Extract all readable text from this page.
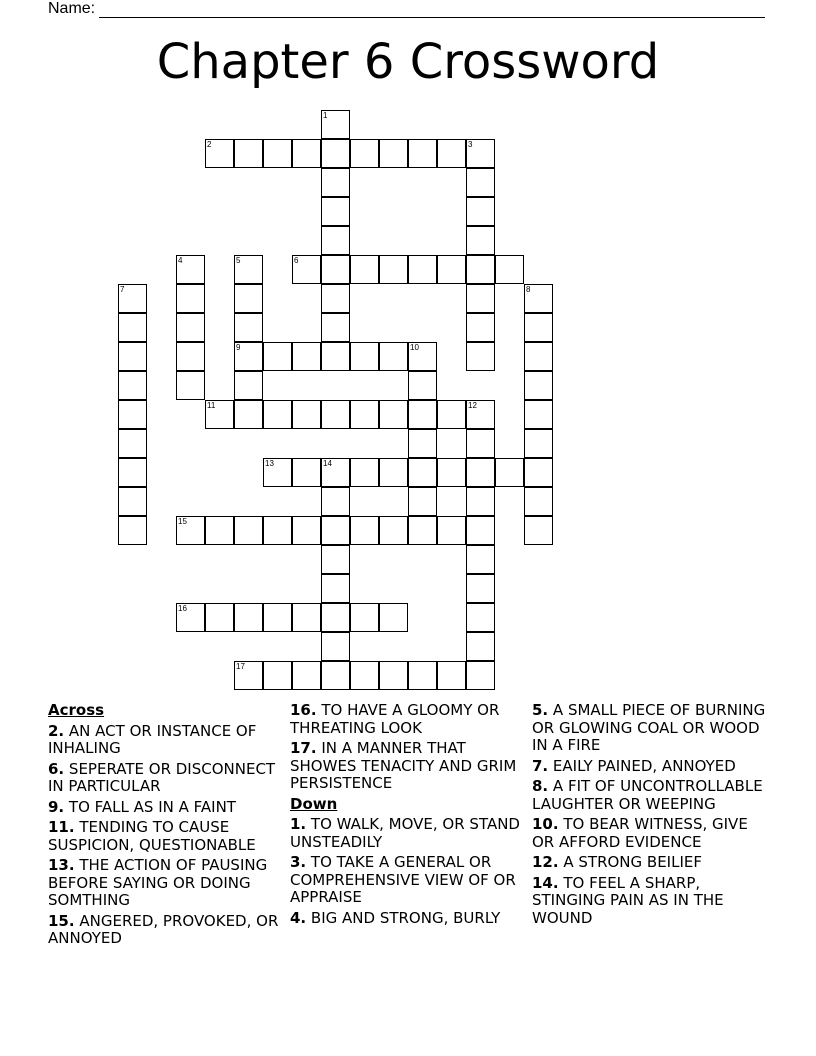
Name:
Chapter 6 Crossword
1
2	3
4	5
9
6
7	8
10
11	12
13	14
15
16
17
Across
2. AN ACT OR INSTANCE OF INHALING
6. SEPERATE OR DISCONNECT IN PARTICULAR
9. TO FALL AS IN A FAINT
11. TENDING TO CAUSE SUSPICION, QUESTIONABLE
13. THE ACTION OF PAUSING BEFORE SAYING OR DOING SOMTHING
15. ANGERED, PROVOKED, OR ANNOYED
16. TO HAVE A GLOOMY OR THREATING LOOK
17. IN A MANNER THAT SHOWES TENACITY AND GRIM PERSISTENCE
Down
1. TO WALK, MOVE, OR STAND UNSTEADILY
3. TO TAKE A GENERAL OR COMPREHENSIVE VIEW OF OR APPRAISE
4. BIG AND STRONG, BURLY
5. A SMALL PIECE OF BURNING OR GLOWING COAL OR WOOD IN A FIRE
7. EAILY PAINED, ANNOYED
8. A FIT OF UNCONTROLLABLE LAUGHTER OR WEEPING
10. TO BEAR WITNESS, GIVE OR AFFORD EVIDENCE
12. A STRONG BEILIEF
14. TO FEEL A SHARP, STINGING PAIN AS IN THE WOUND
